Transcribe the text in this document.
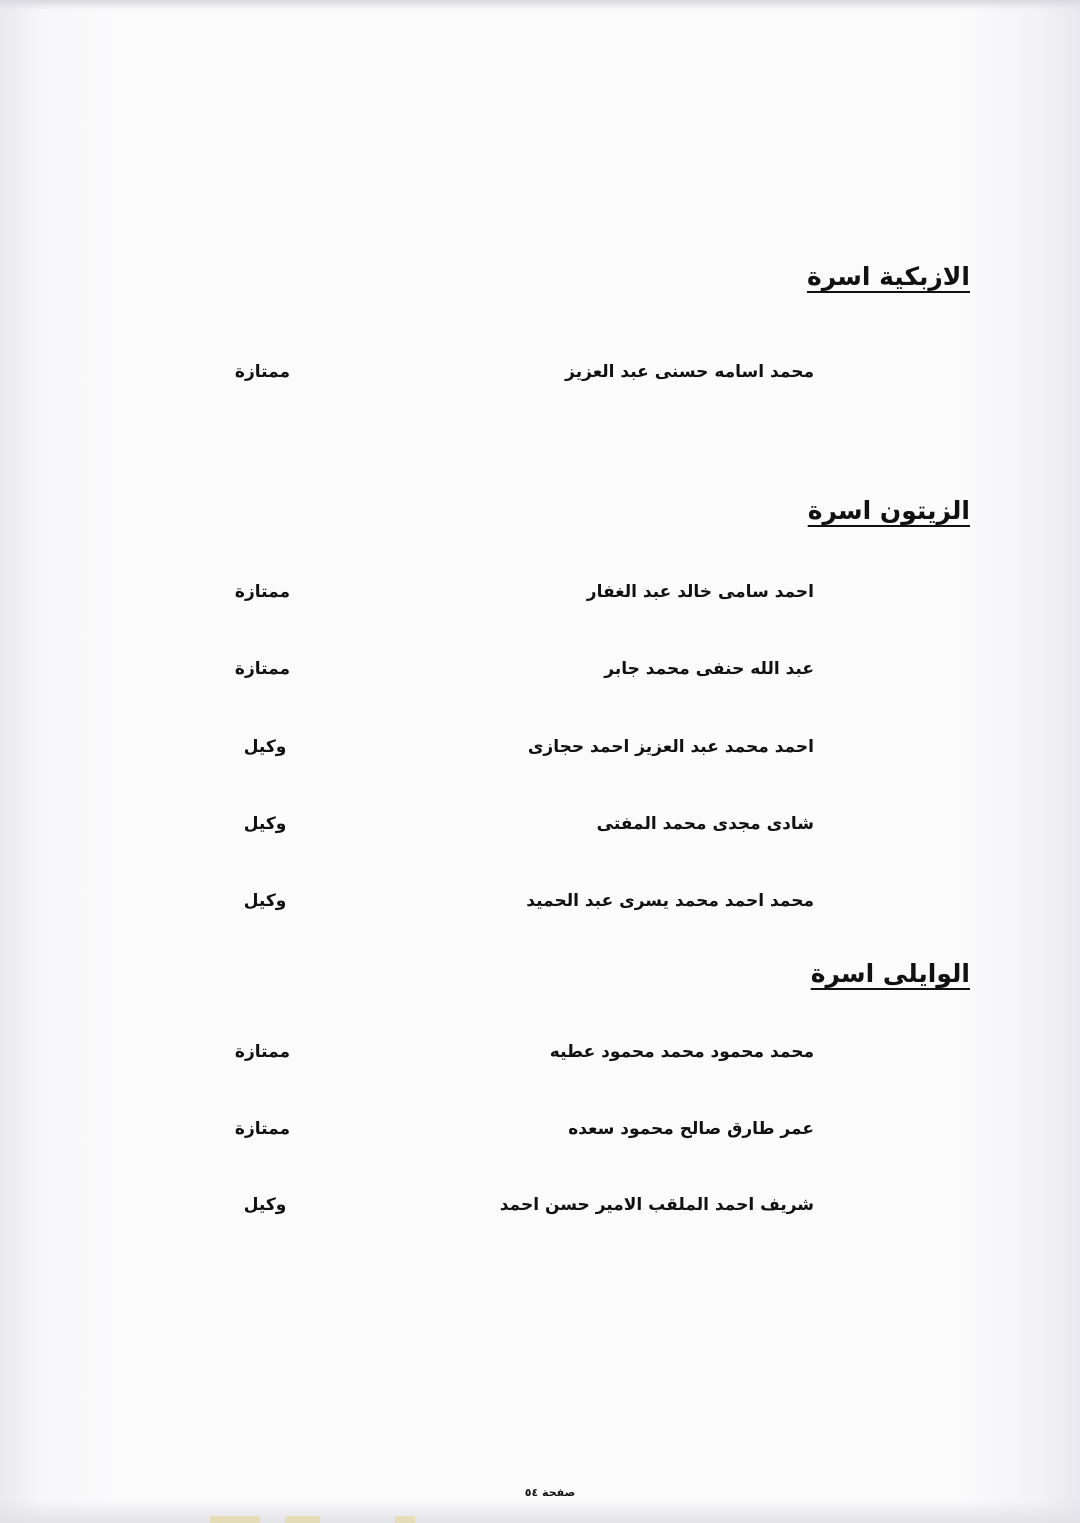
الازبكية اسرة
محمد اسامه حسنى عبد العزيز
ممتازة
الزيتون اسرة
احمد سامى خالد عبد الغفار
ممتازة
عبد الله حنفى محمد جابر
ممتازة
احمد محمد عبد العزيز احمد حجازى
وكيل
شادى مجدى محمد المفتى
وكيل
محمد احمد محمد يسرى عبد الحميد
وكيل
الوايلى اسرة
محمد محمود محمد محمود عطيه
ممتازة
عمر طارق صالح محمود سعده
ممتازة
شريف احمد الملقب الامير حسن احمد
وكيل
صفحة ٥٤
